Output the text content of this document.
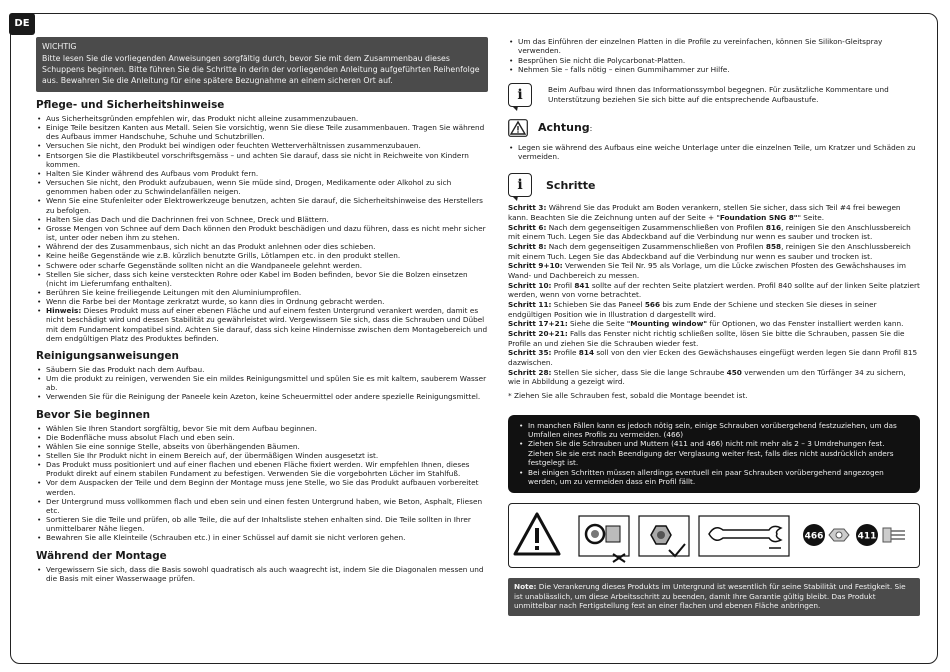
DE
WICHTIG
Bitte lesen Sie die vorliegenden Anweisungen sorgfältig durch, bevor Sie mit dem Zusammenbau dieses Schuppens beginnen. Bitte führen Sie die Schritte in derin der vorliegenden Anleitung aufgeführten Reihenfolge aus. Bewahren Sie die Anleitung für eine spätere Bezugnahme an einem sicheren Ort auf.
Pflege- und Sicherheitshinweise
• Aus Sicherheitsgründen empfehlen wir, das Produkt nicht alleine zusammenzubauen.
• Einige Teile besitzen Kanten aus Metall. Seien Sie vorsichtig, wenn Sie diese Teile zusammenbauen. Tragen Sie während des Aufbaus immer Handschuhe, Schuhe und Schutzbrillen.
• Versuchen Sie nicht, den Produkt bei windigen oder feuchten Wetterverhältnissen zusammenzubauen.
• Entsorgen Sie die Plastikbeutel vorschriftsgemäss – und achten Sie darauf, dass sie nicht in Reichweite von Kindern kommen.
• Halten Sie Kinder während des Aufbaus vom Produkt fern.
• Versuchen Sie nicht, den Produkt aufzubauen, wenn Sie müde sind, Drogen, Medikamente oder Alkohol zu sich genommen haben oder zu Schwindelanfällen neigen.
• Wenn Sie eine Stufenleiter oder Elektrowerkzeuge benutzen, achten Sie darauf, die Sicherheitshinweise des Herstellers zu befolgen.
• Halten Sie das Dach und die Dachrinnen frei von Schnee, Dreck und Blättern.
• Grosse Mengen von Schnee auf dem Dach können den Produkt beschädigen und dazu führen, dass es nicht mehr sicher ist, unter oder neben ihm zu stehen.
• Während der des Zusammenbaus, sich nicht an das Produkt anlehnen oder dies schieben.
• Keine heiße Gegenstände wie z.B. kürzlich benutzte Grills, Lötlampen etc. in den produkt stellen.
• Schwere oder scharfe Gegenstände sollten nicht an die Wandpaneele gelehnt werden.
• Stellen Sie sicher, dass sich keine versteckten Rohre oder Kabel im Boden befinden, bevor Sie die Bolzen einsetzen (nicht im Lieferumfang enthalten).
• Berühren Sie keine freiliegende Leitungen mit den Aluminiumprofilen.
• Wenn die Farbe bei der Montage zerkratzt wurde, so kann dies in Ordnung gebracht werden.
• Hinweis: Dieses Produkt muss auf einer ebenen Fläche und auf einem festen Untergrund verankert werden, damit es nicht beschädigt wird und dessen Stabilität zu gewährleistet wird. Vergewissern Sie sich, dass die Schrauben und Dübel mit dem Fundament kompatibel sind. Achten Sie darauf, dass sich keine Hindernisse zwischen dem Montagebereich und dem endgültigen Platz des Produktes befinden.
Reinigungsanweisungen
• Säubern Sie das Produkt nach dem Aufbau.
• Um die produkt zu reinigen, verwenden Sie ein mildes Reinigungsmittel und spülen Sie es mit kaltem, sauberem Wasser ab.
• Verwenden Sie für die Reinigung der Paneele kein Azeton, keine Scheuermittel oder andere spezielle Reinigungsmittel.
Bevor Sie beginnen
• Wählen Sie Ihren Standort sorgfältig, bevor Sie mit dem Aufbau beginnen.
• Die Bodenfläche muss absolut Flach und eben sein.
• Wählen Sie eine sonnige Stelle, abseits von überhängenden Bäumen.
• Stellen Sie Ihr Produkt nicht in einem Bereich auf, der übermäßigen Winden ausgesetzt ist.
• Das Produkt muss positioniert und auf einer flachen und ebenen Fläche fixiert werden. Wir empfehlen Ihnen, dieses Produkt direkt auf einem stabilen Fundament zu befestigen. Verwenden Sie die vorgebohrten Löcher im Stahlfuß.
• Vor dem Auspacken der Teile und dem Beginn der Montage muss jene Stelle, wo Sie das Produkt aufbauen vorbereitet werden.
• Der Untergrund muss vollkommen flach und eben sein und einen festen Untergrund haben, wie Beton, Asphalt, Fliesen etc.
• Sortieren Sie die Teile und prüfen, ob alle Teile, die auf der Inhaltsliste stehen enhalten sind. Die Teile sollten in Ihrer unmittelbarer Nähe liegen.
• Bewahren Sie alle Kleinteile (Schrauben etc.) in einer Schüssel auf damit sie nicht verloren gehen.
Während der Montage
• Vergewissern Sie sich, dass die Basis sowohl quadratisch als auch waagrecht ist, indem Sie die Diagonalen messen und die Basis mit einer Wasserwaage prüfen.
• Um das Einführen der einzelnen Platten in die Profile zu vereinfachen, können Sie Silikon-Gleitspray verwenden.
• Besprühen Sie nicht die Polycarbonat-Platten.
• Nehmen Sie – falls nötig – einen Gummihammer zur Hilfe.
i	Beim Aufbau wird Ihnen das Informationssymbol begegnen. Für zusätzliche Kommentare und Unterstützung beziehen Sie sich bitte auf die entsprechende Aufbaustufe.
Achtung:
• Legen sie während des Aufbaus eine weiche Unterlage unter die einzelnen Teile, um Kratzer und Schäden zu vermeiden.
i	Schritte

Schritt 3: Während Sie das Produkt am Boden verankern, stellen Sie sicher, dass sich Teil #4 frei bewegen kann. Beachten Sie die Zeichnung unten auf der Seite + "Foundation SNG 8"" Seite.

Schritt 6: Nach dem gegenseitigen Zusammenschließen von Profilen 816, reinigen Sie den Anschlussbereich mit einem Tuch. Legen Sie das Abdeckband auf die Verbindung nur wenn es sauber und trocken ist.

Schritt 8: Nach dem gegenseitigen Zusammenschließen von Profilen 858, reinigen Sie den Anschlussbereich mit einem Tuch. Legen Sie das Abdeckband auf die Verbindung nur wenn es sauber und trocken ist.

Schritt 9+10: Verwenden Sie Teil Nr. 95 als Vorlage, um die Lücke zwischen Pfosten des Gewächshauses im Wand- und Dachbereich zu messen.

Schritt 10: Profil 841 sollte auf der rechten Seite platziert werden. Profil 840 sollte auf der linken Seite platziert werden, wenn von vorne betrachtet.

Schritt 11: Schieben Sie das Paneel 566 bis zum Ende der Schiene und stecken Sie dieses in seiner endgültigen Position wie in Illustration d dargestellt wird.

Schritt 17+21: Siehe die Seite "Mounting window" für Optionen, wo das Fenster installiert werden kann.

Schritt 20+21: Falls das Fenster nicht richtig schließen sollte, lösen Sie bitte die Schrauben, passen Sie die Profile an und ziehen Sie die Schrauben wieder fest.

Schritt 35: Profile 814 soll von den vier Ecken des Gewächshauses eingefügt werden legen Sie dann Profil 815 dazwischen.

Schritt 28: Stellen Sie sicher, dass Sie die lange Schraube 450 verwenden um den Türfänger 34 zu sichern, wie in Abbildung a gezeigt wird.

* Ziehen Sie alle Schrauben fest, sobald die Montage beendet ist.

• In manchen Fällen kann es jedoch nötig sein, einige Schrauben vorübergehend festzuziehen, um das Umfallen eines Profils zu vermeiden. (466)
• Ziehen Sie die Schrauben und Muttern (411 and 466) nicht mit mehr als 2 – 3 Umdrehungen fest. Ziehen Sie sie erst nach Beendigung der Verglasung weiter fest, falls dies nicht ausdrücklich anders festgelegt ist.
• Bei einigen Schritten müssen allerdings eventuell ein paar Schrauben vorübergehend angezogen werden, um zu vermeiden dass ein Profil fällt.
466	411
Note: Die Verankerung dieses Produkts im Untergrund ist wesentlich für seine Stabilität und Festigkeit. Sie ist unablässlich, um diese Arbeitsschritt zu beenden, damit Ihre Garantie gültig bleibt. Das Produkt unmittelbar nach Fertigstellung fest an einer flachen und ebenen Fläche anbringen.
